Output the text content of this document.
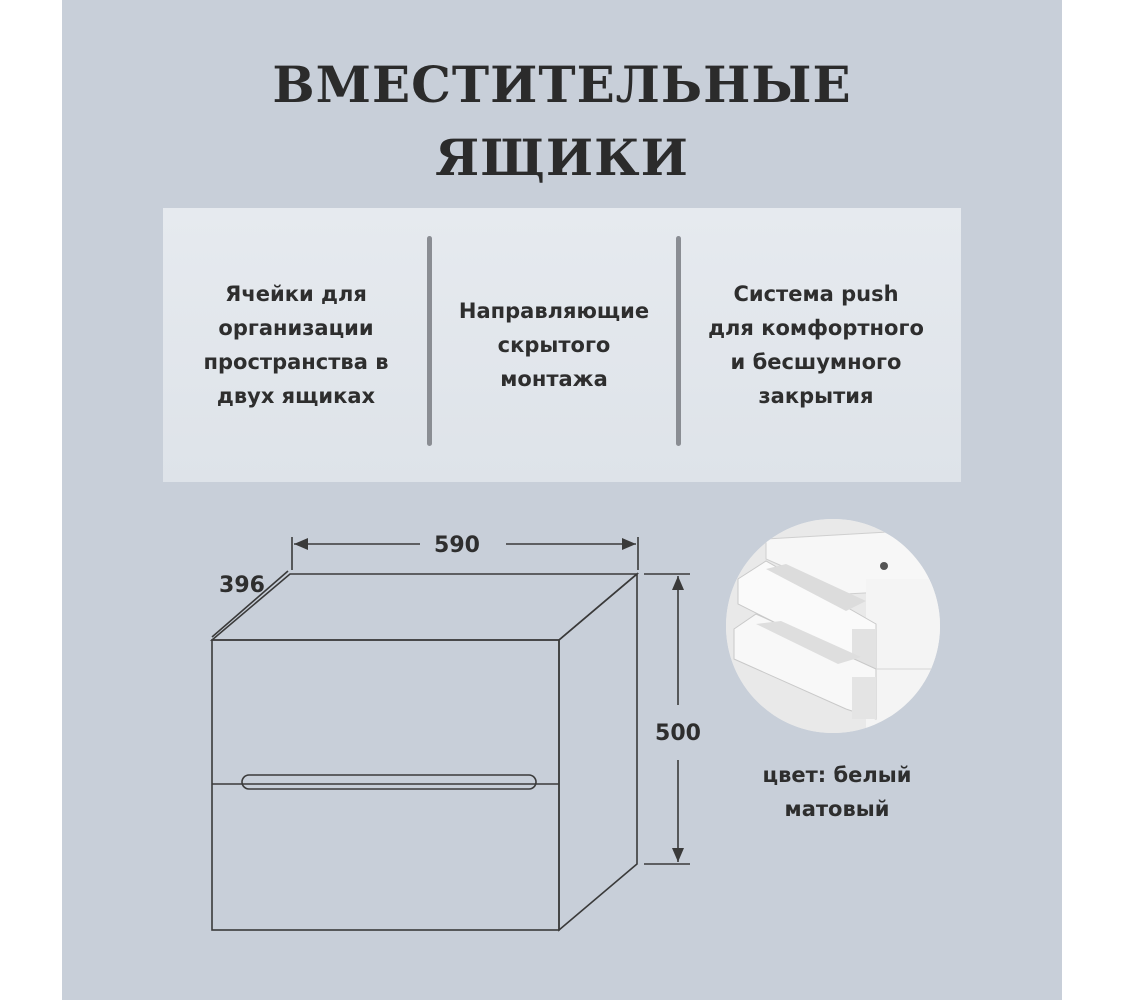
ВМЕСТИТЕЛЬНЫЕ
ЯЩИКИ
Ячейки для
организации
пространства в
двух ящиках
Направляющие
скрытого
монтажа
Система push
для комфортного
и бесшумного
закрытия
590
396
500
цвет: белый
матовый
